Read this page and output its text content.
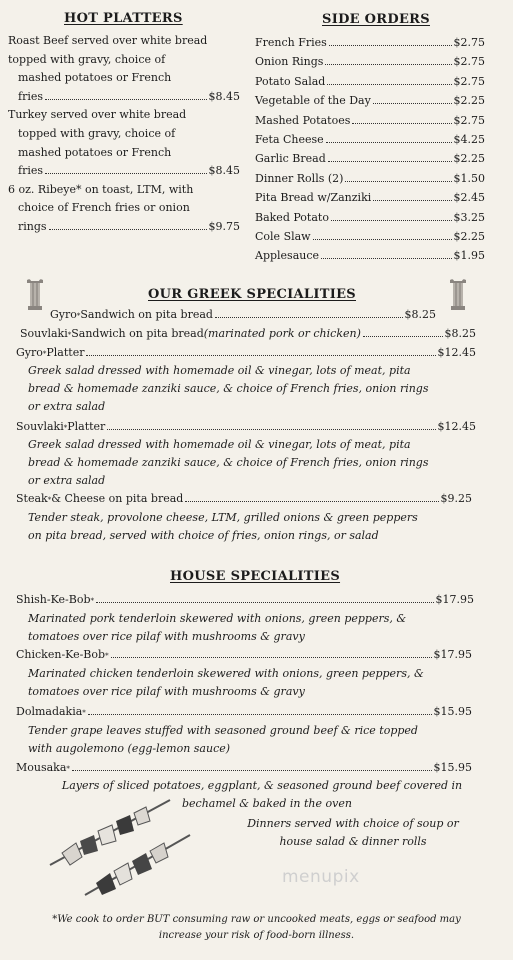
HOT PLATTERS
Roast Beef served over white bread
topped with gravy, choice of
mashed potatoes or French
fries	$8.45
Turkey served over white bread
topped with gravy, choice of
mashed potatoes or French
fries	$8.45
6 oz. Ribeye* on toast, LTM, with
choice of French fries or onion
rings	$9.75
SIDE ORDERS
French Fries	$2.75
Onion Rings	$2.75
Potato Salad	$2.75
Vegetable of the Day	$2.25
Mashed Potatoes	$2.75
Feta Cheese	$4.25
Garlic Bread	$2.25
Dinner Rolls (2)	$1.50
Pita Bread w/Zanziki	$2.45
Baked Potato	$3.25
Cole Slaw	$2.25
Applesauce	$1.95
OUR GREEK SPECIALITIES
Gyro * Sandwich on pita bread	$8.25
Souvlaki * Sandwich on pita bread (marinated pork or chicken)	$8.25
Gyro * Platter	$12.45
Greek salad dressed with homemade oil & vinegar, lots of meat, pita
bread & homemade zanziki sauce, & choice of French fries, onion rings
or extra salad
Souvlaki * Platter	$12.45
Greek salad dressed with homemade oil & vinegar, lots of meat, pita
bread & homemade zanziki sauce, & choice of French fries, onion rings
or extra salad
Steak * & Cheese on pita bread	$9.25
Tender steak, provolone cheese, LTM, grilled onions & green peppers
on pita bread, served with choice of fries, onion rings, or salad
HOUSE SPECIALITIES
Shish-Ke-Bob *	$17.95
Marinated pork tenderloin skewered with onions, green peppers, &
tomatoes over rice pilaf with mushrooms & gravy
Chicken-Ke-Bob *	$17.95
Marinated chicken tenderloin skewered with onions, green peppers, &
tomatoes over rice pilaf with mushrooms & gravy
Dolmadakia *	$15.95
Tender grape leaves stuffed with seasoned ground beef & rice topped
with augolemono (egg-lemon sauce)
Mousaka *	$15.95
Layers of sliced potatoes, eggplant, & seasoned ground beef covered in
bechamel & baked in the oven
Dinners served with choice of soup or
house salad & dinner rolls
menupix
*We cook to order BUT consuming raw or uncooked meats, eggs or seafood may
increase your risk of food-born illness.
